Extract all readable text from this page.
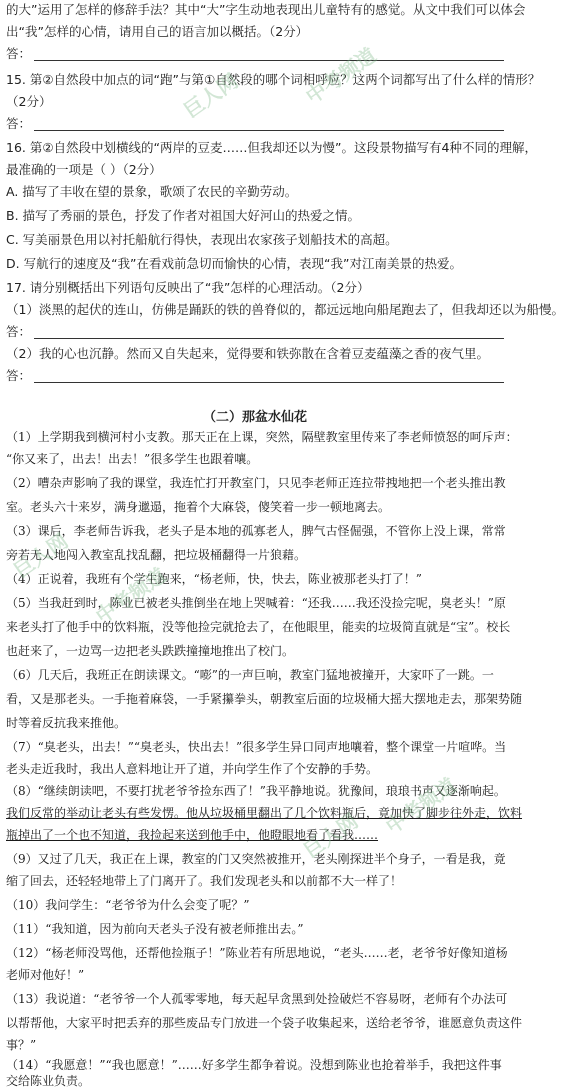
的大”运用了怎样的修辞手法？其中“大”字生动地表现出儿童特有的感觉。从文中我们可以体会
出“我”怎样的心情，请用自己的语言加以概括。（2分）
答：
15. 第②自然段中加点的词“跑”与第①自然段的哪个词相呼应？这两个词都写出了什么样的情形？
（2分）
答：
16. 第②自然段中划横线的“两岸的豆麦……但我却还以为慢”。这段景物描写有4种不同的理解，
最准确的一项是（ ）（2分）
A. 描写了丰收在望的景象，歌颂了农民的辛勤劳动。
B. 描写了秀丽的景色，抒发了作者对祖国大好河山的热爱之情。
C. 写美丽景色用以衬托船航行得快，表现出农家孩子划船技术的高超。
D. 写航行的速度及“我”在看戏前急切而愉快的心情，表现“我”对江南美景的热爱。
17. 请分别概括出下列语句反映出了“我”怎样的心理活动。（2分）
（1）淡黑的起伏的连山，仿佛是踊跃的铁的兽脊似的，都远远地向船尾跑去了，但我却还以为船慢。
答：
（2）我的心也沉静。然而又自失起来，觉得要和铁弥散在含着豆麦蕴藻之香的夜气里。
答：
（二）那盆水仙花
（1）上学期我到横河村小支教。那天正在上课，突然，隔壁教室里传来了李老师愤怒的呵斥声：
“你又来了，出去！出去！”很多学生也跟着嚷。
（2）嘈杂声影响了我的课堂，我连忙打开教室门，只见李老师正连拉带拽地把一个老头推出教
室。老头六十来岁，满身邋遢，拖着个大麻袋，傻笑着一步一顿地离去。
（3）课后，李老师告诉我，老头子是本地的孤寡老人，脾气古怪倔强，不管你上没上课，常常
旁若无人地闯入教室乱找乱翻，把垃圾桶翻得一片狼藉。
（4）正说着，我班有个学生跑来，“杨老师，快，快去，陈业被那老头打了！”
（5）当我赶到时，陈业已被老头推倒坐在地上哭喊着：“还我……我还没捡完呢，臭老头！”原
来老头打了他手中的饮料瓶，没等他捡完就抢去了，在他眼里，能卖的垃圾简直就是“宝”。校长
也赶来了，一边骂一边把老头跌跌撞撞地推出了校门。
（6）几天后，我班正在朗读课文。“嘭”的一声巨响，教室门猛地被撞开，大家吓了一跳。一
看，又是那老头。一手拖着麻袋，一手紧攥拳头，朝教室后面的垃圾桶大摇大摆地走去，那架势随
时等着反抗我来推他。
（7）“臭老头，出去！”“臭老头，快出去！”很多学生异口同声地嚷着，整个课堂一片喧哗。当
老头走近我时，我出人意料地让开了道，并向学生作了个安静的手势。
（8）“继续朗读吧，不要打扰老爷爷捡东西了！”我平静地说。犹豫间，琅琅书声又逐渐响起。
我们反常的举动让老头有些发愣。他从垃圾桶里翻出了几个饮料瓶后，竟加快了脚步往外走，饮料
瓶掉出了一个也不知道，我捡起来送到他手中，他瞪眼地看了看我……
（9）又过了几天，我正在上课，教室的门又突然被推开，老头刚探进半个身子，一看是我，竟
缩了回去，还轻轻地带上了门离开了。我们发现老头和以前都不大一样了！
（10）我问学生：“老爷爷为什么会变了呢？”
（11）“我知道，因为前向天老头子没有被老师推出去。”
（12）“杨老师没骂他，还帮他捡瓶子！”陈业若有所思地说，“老头……老，老爷爷好像知道杨
老师对他好！”
（13）我说道：“老爷爷一个人孤零零地，每天起早贪黑到处捡破烂不容易呀，老师有个办法可
以帮帮他，大家平时把丢弃的那些废品专门放进一个袋子收集起来，送给老爷爷，谁愿意负责这件
事？”
（14）“我愿意！”“我也愿意！”……好多学生都争着说。没想到陈业也抢着举手，我把这件事
交给陈业负责。
中考频道
巨人网
巨人网
中考频道
中考频道
巨人网
